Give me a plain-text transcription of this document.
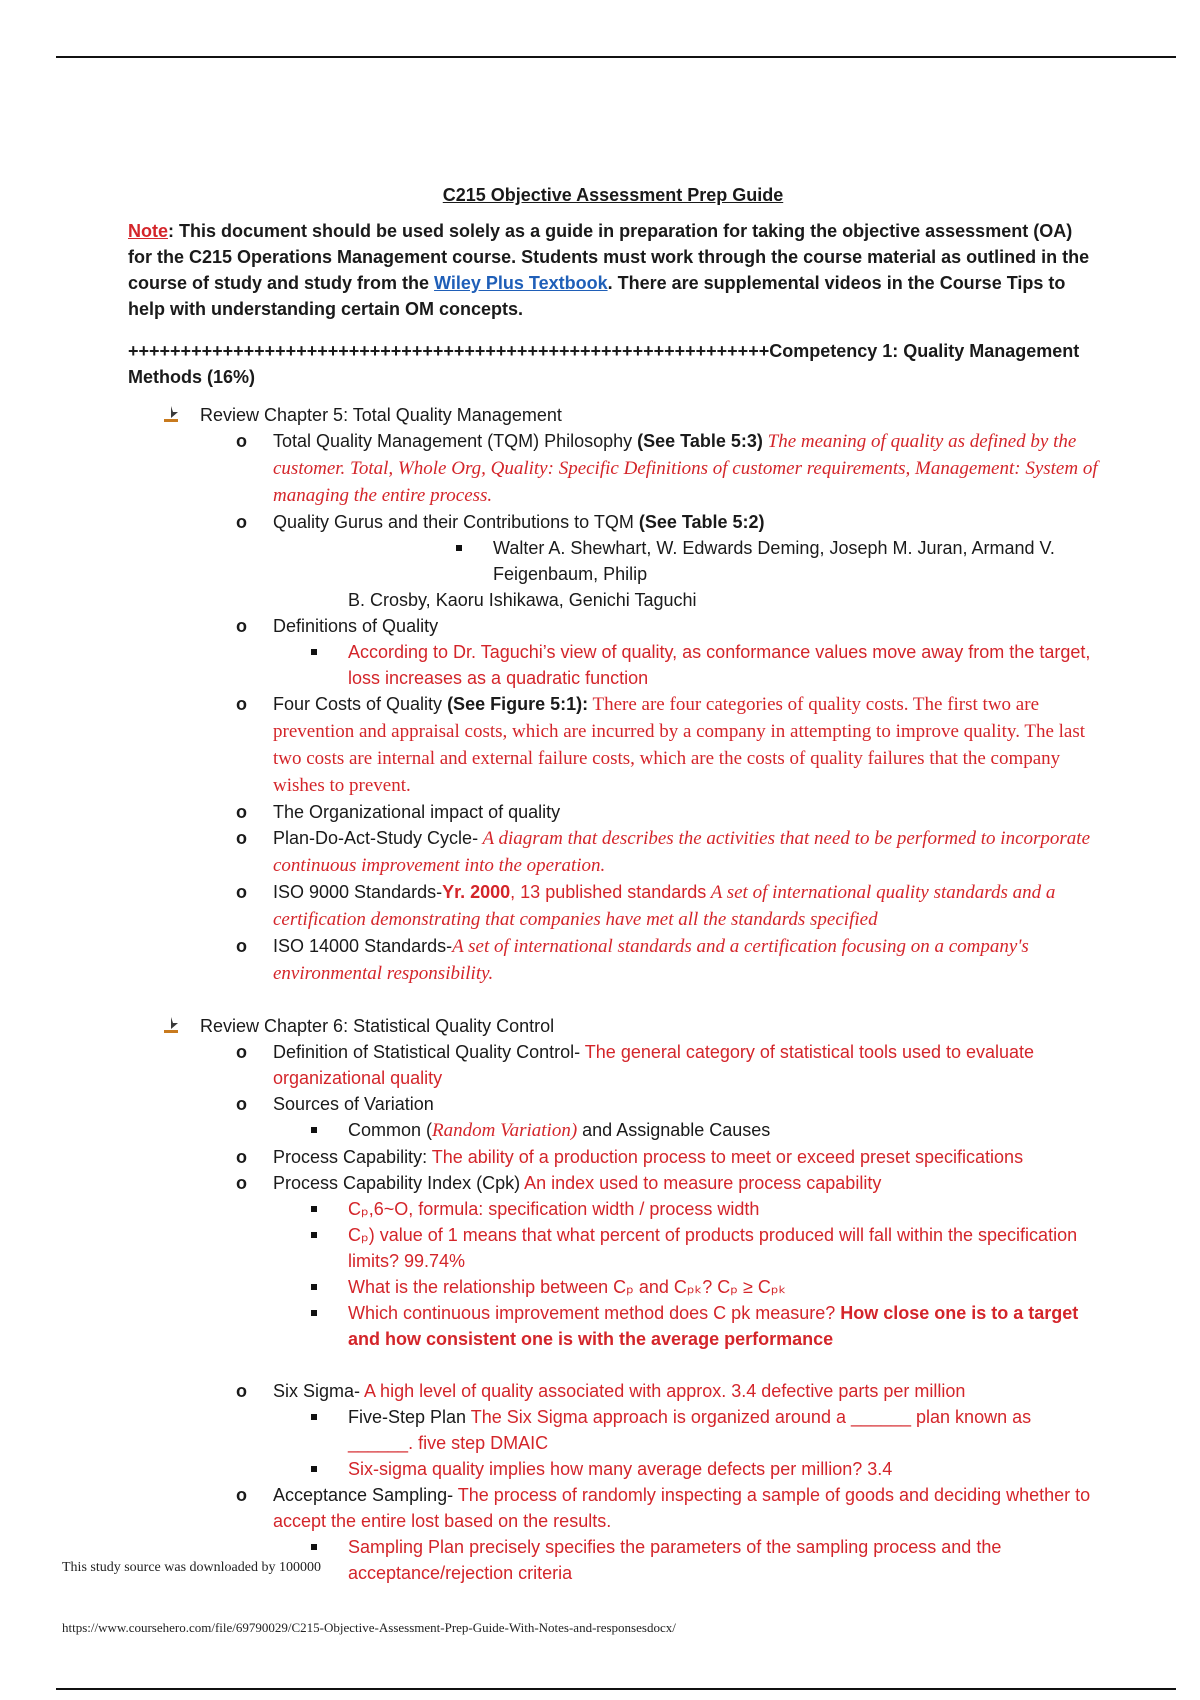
C215 Objective Assessment Prep Guide

Note: This document should be used solely as a guide in preparation for taking the objective assessment (OA) for the C215 Operations Management course. Students must work through the course material as outlined in the course of study and study from the Wiley Plus Textbook. There are supplemental videos in the Course Tips to help with understanding certain OM concepts.

+++++++++++++++++++++++++++++++++++++++++++++++++++++++++++++Competency 1: Quality Management Methods (16%)
Review Chapter 5: Total Quality Management
o Total Quality Management (TQM) Philosophy (See Table 5:3) The meaning of quality as defined by the customer. Total, Whole Org, Quality: Specific Definitions of customer requirements, Management: System of managing the entire process.
o Quality Gurus and their Contributions to TQM (See Table 5:2)
Walter A. Shewhart, W. Edwards Deming, Joseph M. Juran, Armand V. Feigenbaum, Philip
B. Crosby, Kaoru Ishikawa, Genichi Taguchi
o Definitions of Quality
According to Dr. Taguchi’s view of quality, as conformance values move away from the target, loss increases as a quadratic function
o Four Costs of Quality (See Figure 5:1): There are four categories of quality costs. The first two are prevention and appraisal costs, which are incurred by a company in attempting to improve quality. The last two costs are internal and external failure costs, which are the costs of quality failures that the company wishes to prevent.
o The Organizational impact of quality
o Plan-Do-Act-Study Cycle- A diagram that describes the activities that need to be performed to incorporate continuous improvement into the operation.
o ISO 9000 Standards-Yr. 2000, 13 published standards A set of international quality standards and a certification demonstrating that companies have met all the standards specified
o ISO 14000 Standards-A set of international standards and a certification focusing on a company's environmental responsibility.
Review Chapter 6: Statistical Quality Control
o Definition of Statistical Quality Control- The general category of statistical tools used to evaluate organizational quality
o Sources of Variation
Common (Random Variation) and Assignable Causes
o Process Capability: The ability of a production process to meet or exceed preset specifications
o Process Capability Index (Cpk) An index used to measure process capability
Cₚ,6~O, formula: specification width / process width
Cₚ) value of 1 means that what percent of products produced will fall within the specification limits? 99.74%
What is the relationship between Cₚ and Cₚₖ? Cₚ ≥ Cₚₖ
Which continuous improvement method does C pk measure? How close one is to a target and how consistent one is with the average performance
o Six Sigma- A high level of quality associated with approx. 3.4 defective parts per million
Five-Step Plan The Six Sigma approach is organized around a ______ plan known as ______. five step DMAIC
Six-sigma quality implies how many average defects per million? 3.4
o Acceptance Sampling- The process of randomly inspecting a sample of goods and deciding whether to accept the entire lost based on the results.
Sampling Plan precisely specifies the parameters of the sampling process and the acceptance/rejection criteria
This study source was downloaded by 100000
https://www.coursehero.com/file/69790029/C215-Objective-Assessment-Prep-Guide-With-Notes-and-responsesdocx/
